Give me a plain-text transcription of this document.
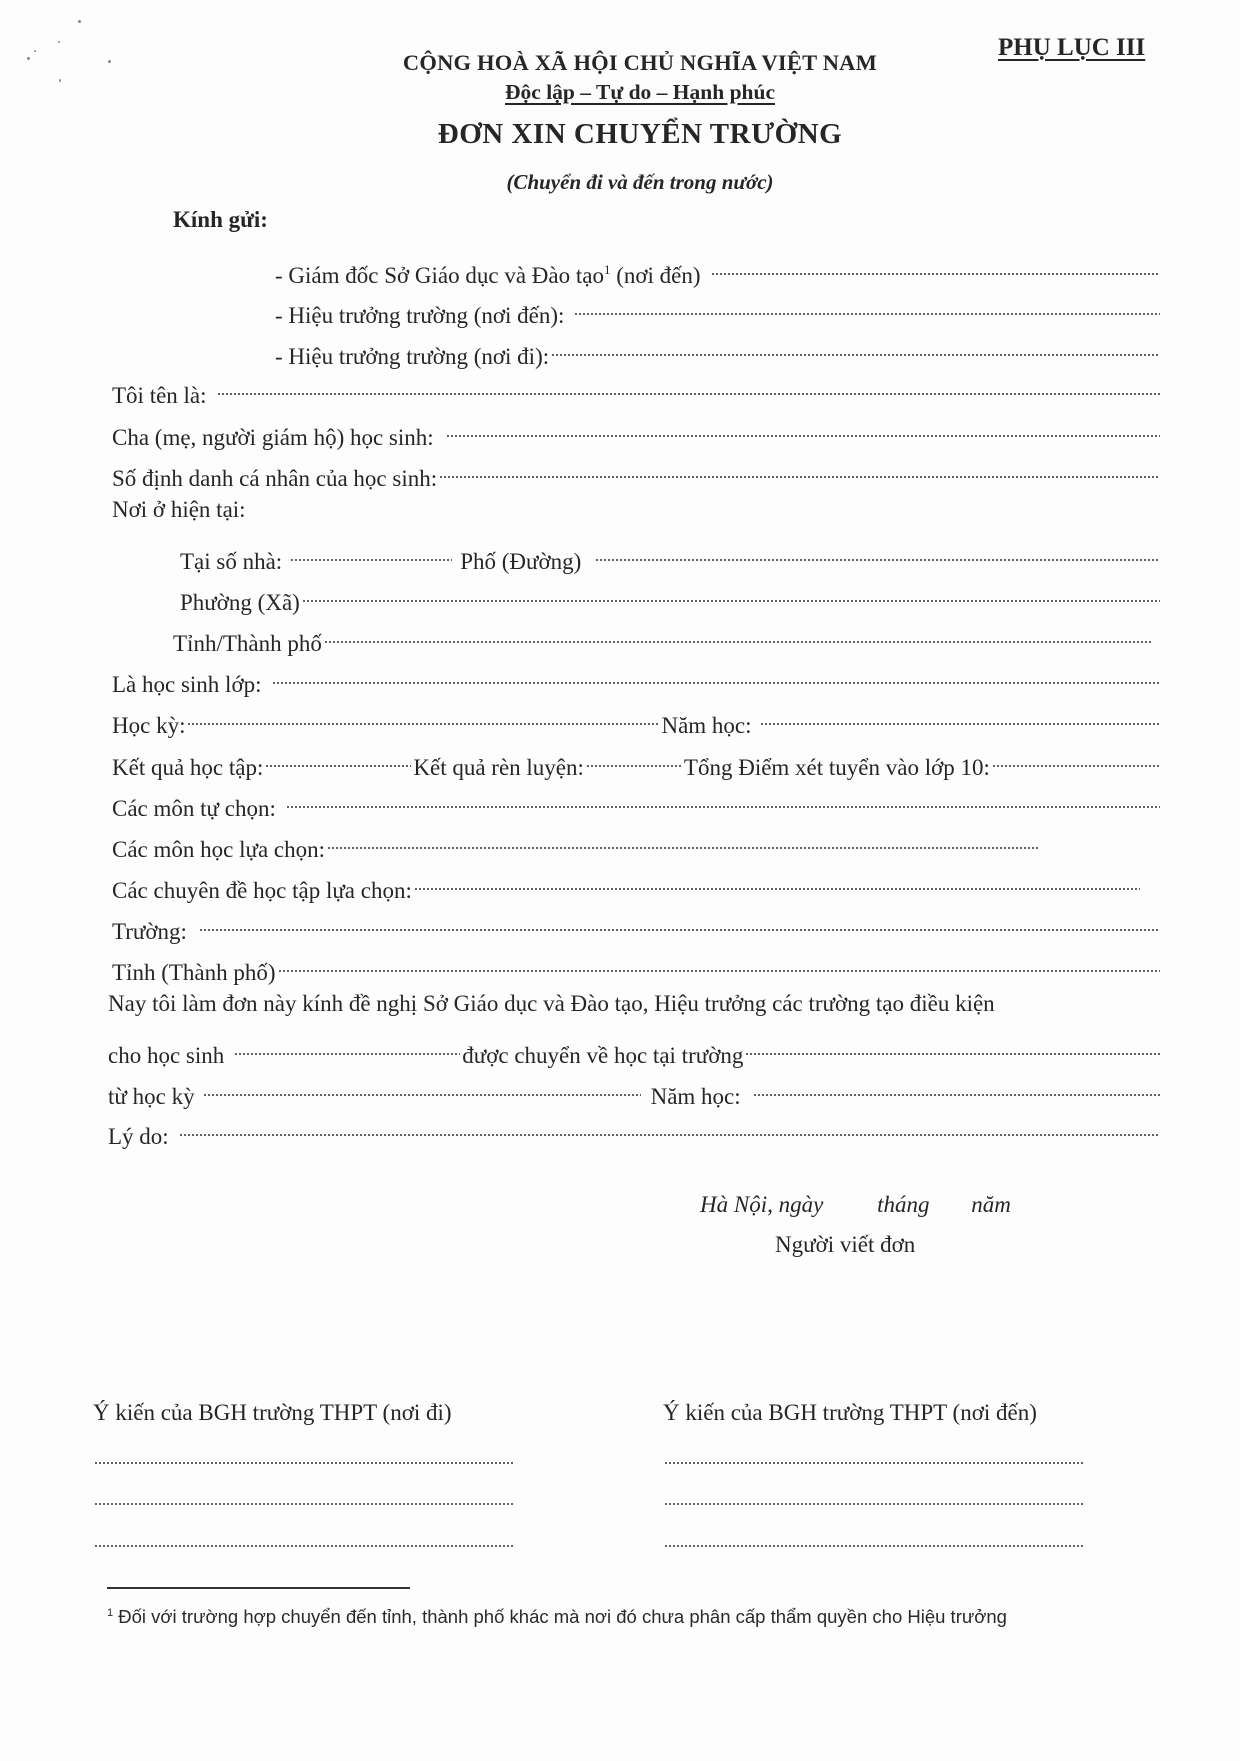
PHỤ LỤC III
CỘNG HOÀ XÃ HỘI CHỦ NGHĨA VIỆT NAM
Độc lập – Tự do – Hạnh phúc
ĐƠN XIN CHUYỂN TRƯỜNG
(Chuyển đi và đến trong nước)
Kính gửi:
- Giám đốc Sở Giáo dục và Đào tạo$^1$ (nơi đến)
- Hiệu trưởng trường (nơi đến):
- Hiệu trưởng trường (nơi đi):
Tôi tên là:
Cha (mẹ, người giám hộ) học sinh:
Số định danh cá nhân của học sinh:
Nơi ở hiện tại:
Tại số nhà:	Phố (Đường)
Phường (Xã)
Tỉnh/Thành phố
Là học sinh lớp:
Học kỳ:	Năm học:
Kết quả học tập:	Kết quả rèn luyện:	Tổng Điểm xét tuyển vào lớp 10:
Các môn tự chọn:
Các môn học lựa chọn:
Các chuyên đề học tập lựa chọn:
Trường:
Tỉnh (Thành phố)
Nay tôi làm đơn này kính đề nghị Sở Giáo dục và Đào tạo, Hiệu trưởng các trường tạo điều kiện
cho học sinh	được chuyển về học tại trường
từ học kỳ	Năm học:
Lý do:
Hà Nội, ngày tháng năm
Người viết đơn
Ý kiến của BGH trường THPT (nơi đi)	Ý kiến của BGH trường THPT (nơi đến)
$^1$ Đối với trường hợp chuyển đến tỉnh, thành phố khác mà nơi đó chưa phân cấp thẩm quyền cho Hiệu trưởng
